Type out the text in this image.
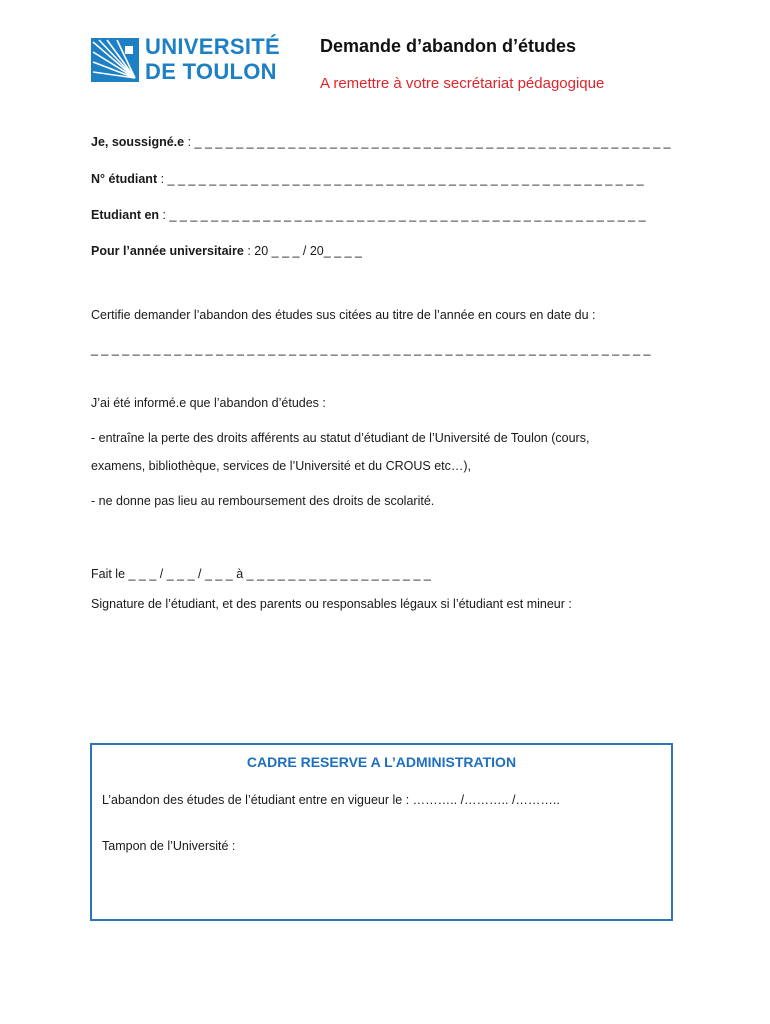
UNIVERSITÉ
DE TOULON
Demande d’abandon d’études
A remettre à votre secrétariat pédagogique
Je, soussigné.e : _ _ _ _ _ _ _ _ _ _ _ _ _ _ _ _ _ _ _ _ _ _ _ _ _ _ _ _ _ _ _ _ _ _ _ _ _ _ _ _ _ _ _ _ _ _
N° étudiant : _ _ _ _ _ _ _ _ _ _ _ _ _ _ _ _ _ _ _ _ _ _ _ _ _ _ _ _ _ _ _ _ _ _ _ _ _ _ _ _ _ _ _ _ _ _
Etudiant en : _ _ _ _ _ _ _ _ _ _ _ _ _ _ _ _ _ _ _ _ _ _ _ _ _ _ _ _ _ _ _ _ _ _ _ _ _ _ _ _ _ _ _ _ _ _
Pour l’année universitaire : 20 _ _ _ / 20_ _ _ _
Certifie demander l’abandon des études sus citées au titre de l’année en cours en date du :
_ _ _ _ _ _ _ _ _ _ _ _ _ _ _ _ _ _ _ _ _ _ _ _ _ _ _ _ _ _ _ _ _ _ _ _ _ _ _ _ _ _ _ _ _ _ _ _ _ _ _ _ _ _
J’ai été informé.e que l’abandon d’études :
- entraîne la perte des droits afférents au statut d’étudiant de l’Université de Toulon (cours,
examens, bibliothèque, services de l’Université et du CROUS etc…),
- ne donne pas lieu au remboursement des droits de scolarité.
Fait le _ _ _ / _ _ _ / _ _ _ à _ _ _ _ _ _ _ _ _ _ _ _ _ _ _ _ _ _
Signature de l’étudiant, et des parents ou responsables légaux si l’étudiant est mineur :
CADRE RESERVE A L’ADMINISTRATION
L’abandon des études de l’étudiant entre en vigueur le : ……….. /……….. /………..
Tampon de l’Université :
